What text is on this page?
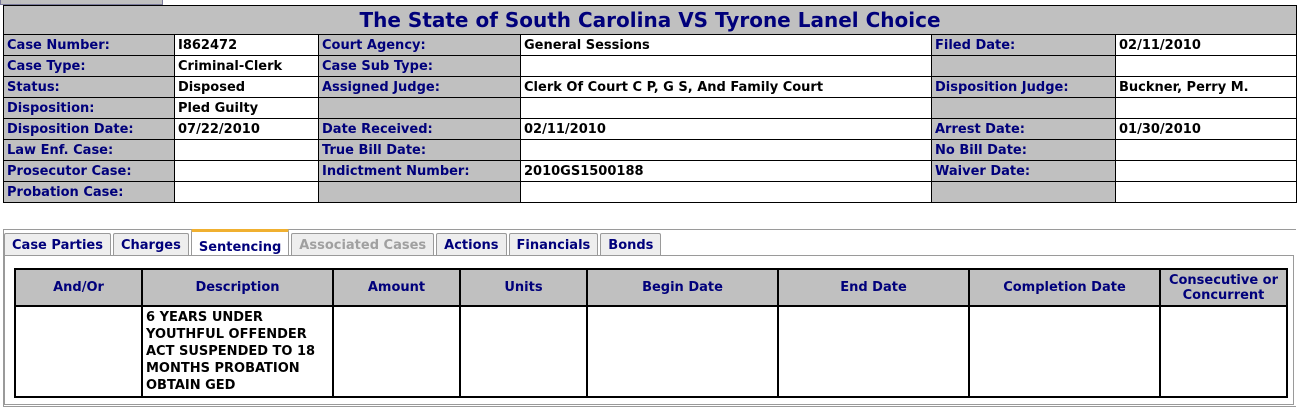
The State of South Carolina VS Tyrone Lanel Choice					
Case Number:	I862472	Court Agency:	General Sessions	Filed Date:	02/11/2010
Case Type:	Criminal-Clerk	Case Sub Type:			
Status:	Disposed	Assigned Judge:	Clerk Of Court C P, G S, And Family Court	Disposition Judge:	Buckner, Perry M.
Disposition:	Pled Guilty				
Disposition Date:	07/22/2010	Date Received:	02/11/2010	Arrest Date:	01/30/2010
Law Enf. Case:		True Bill Date:		No Bill Date:	
Prosecutor Case:		Indictment Number:	2010GS1500188	Waiver Date:	
Probation Case:					
Case Parties	Charges	Sentencing	Associated Cases	Actions	Financials	Bonds
And/Or	Description	Amount	Units	Begin Date	End Date	Completion Date	Consecutive or Concurrent
	6 YEARS UNDER YOUTHFUL OFFENDER ACT SUSPENDED TO 18 MONTHS PROBATION OBTAIN GED						
